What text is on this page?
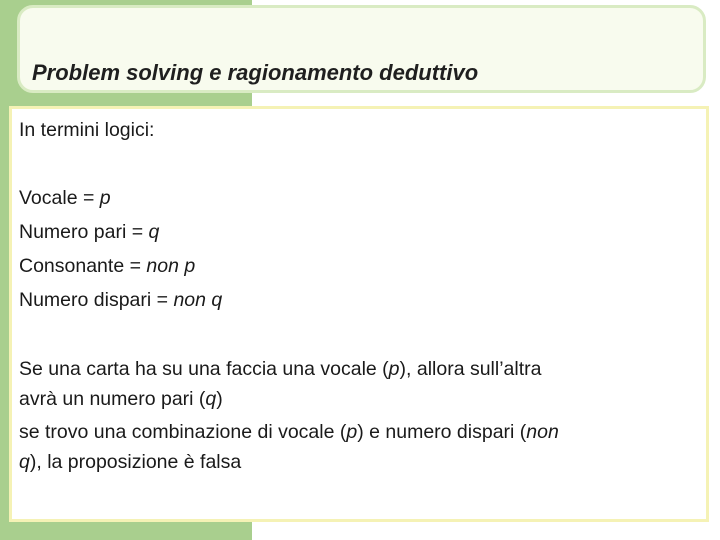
Problem solving e ragionamento deduttivo

In termini logici:

Vocale = p

Numero pari = q

Consonante = non p

Numero dispari = non q

Se una carta ha su una faccia una vocale (p), allora sull’altra

avrà un numero pari (q)

se trovo una combinazione di vocale (p) e numero dispari (non

q), la proposizione è falsa
